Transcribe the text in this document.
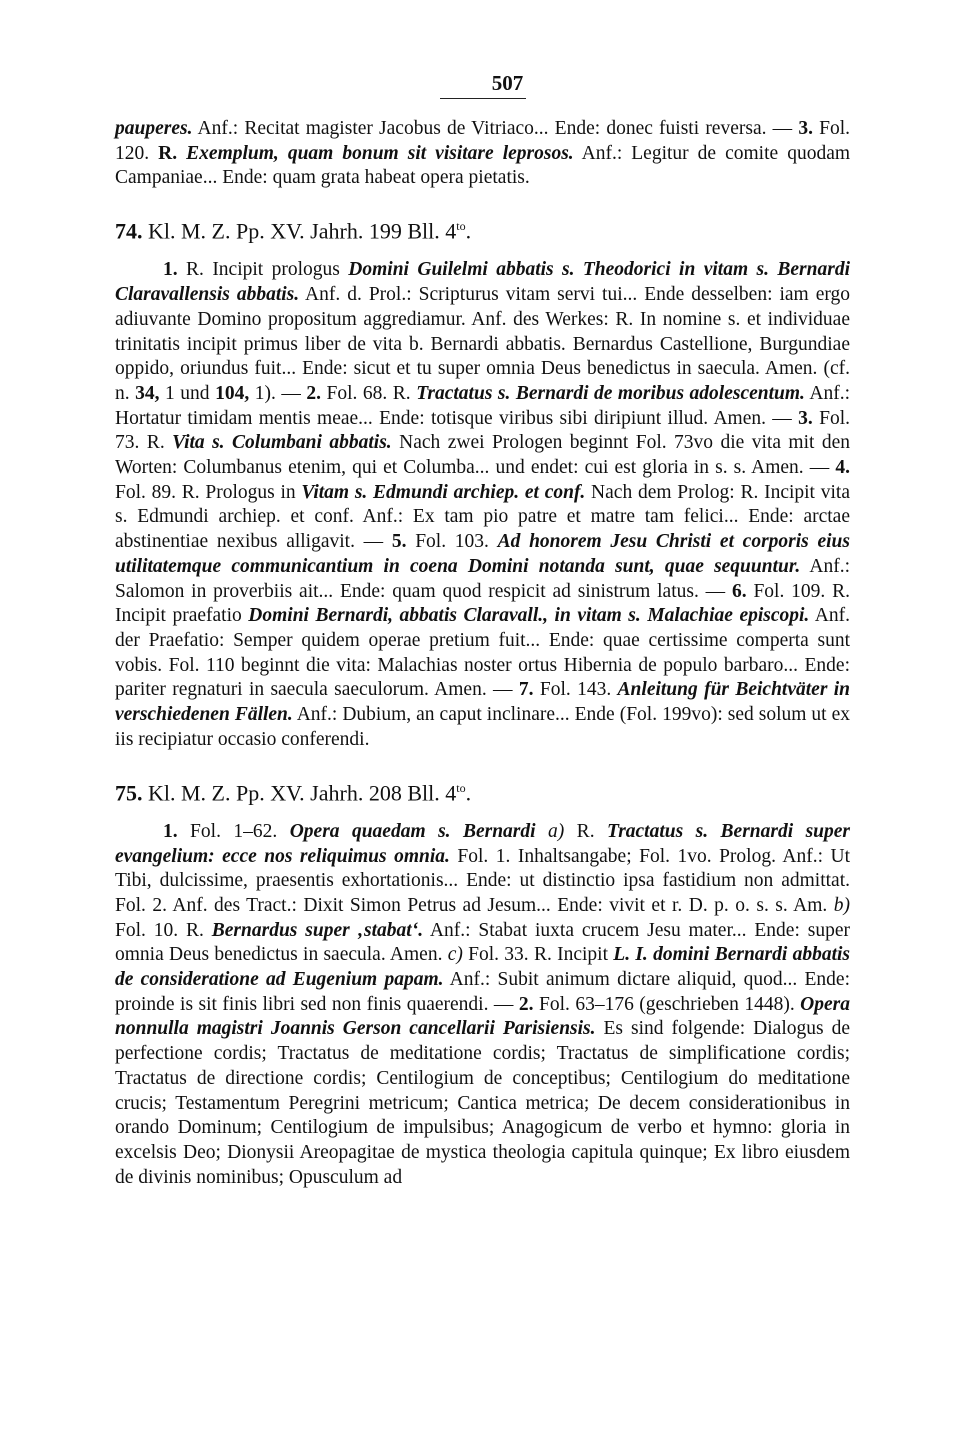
507

pauperes. Anf.: Recitat magister Jacobus de Vitriaco... Ende: donec fuisti reversa. — 3. Fol. 120. R. Exemplum, quam bonum sit visitare leprosos. Anf.: Legitur de comite quodam Campaniae... Ende: quam grata habeat opera pietatis.

74. Kl. M. Z. Pp. XV. Jahrh. 199 Bll. $4^{to}$.

1. R. Incipit prologus Domini Guilelmi abbatis s. Theodorici in vitam s. Bernardi Claravallensis abbatis. Anf. d. Prol.: Scripturus vitam servi tui... Ende desselben: iam ergo adiuvante Domino propositum aggrediamur. Anf. des Werkes: R. In nomine s. et individuae trinitatis incipit primus liber de vita b. Bernardi abbatis. Bernardus Castellione, Burgundiae oppido, oriundus fuit... Ende: sicut et tu super omnia Deus benedictus in saecula. Amen. (cf. n. 34, 1 und 104, 1). — 2. Fol. 68. R. Tractatus s. Bernardi de moribus adolescentum. Anf.: Hortatur timidam mentis meae... Ende: totisque viribus sibi diripiunt illud. Amen. — 3. Fol. 73. R. Vita s. Columbani abbatis. Nach zwei Prologen beginnt Fol. 73vo die vita mit den Worten: Columbanus etenim, qui et Columba... und endet: cui est gloria in s. s. Amen. — 4. Fol. 89. R. Prologus in Vitam s. Edmundi archiep. et conf. Nach dem Prolog: R. Incipit vita s. Edmundi archiep. et conf. Anf.: Ex tam pio patre et matre tam felici... Ende: arctae abstinentiae nexibus alligavit. — 5. Fol. 103. Ad honorem Jesu Christi et corporis eius utilitatemque communicantium in coena Domini notanda sunt, quae sequuntur. Anf.: Salomon in proverbiis ait... Ende: quam quod respicit ad sinistrum latus. — 6. Fol. 109. R. Incipit praefatio Domini Bernardi, abbatis Claravall., in vitam s. Malachiae episcopi. Anf. der Praefatio: Semper quidem operae pretium fuit... Ende: quae certissime comperta sunt vobis. Fol. 110 beginnt die vita: Malachias noster ortus Hibernia de populo barbaro... Ende: pariter regnaturi in saecula saeculorum. Amen. — 7. Fol. 143. Anleitung für Beichtväter in verschiedenen Fällen. Anf.: Dubium, an caput inclinare... Ende (Fol. 199vo): sed solum ut ex iis recipiatur occasio conferendi.

75. Kl. M. Z. Pp. XV. Jahrh. 208 Bll. $4^{to}$.

1. Fol. 1–62. Opera quaedam s. Bernardi a) R. Tractatus s. Bernardi super evangelium: ecce nos reliquimus omnia. Fol. 1. Inhaltsangabe; Fol. 1vo. Prolog. Anf.: Ut Tibi, dulcissime, praesentis exhortationis... Ende: ut distinctio ipsa fastidium non admittat. Fol. 2. Anf. des Tract.: Dixit Simon Petrus ad Jesum... Ende: vivit et r. D. p. o. s. s. Am. b) Fol. 10. R. Bernardus super ‚stabat‘. Anf.: Stabat iuxta crucem Jesu mater... Ende: super omnia Deus benedictus in saecula. Amen. c) Fol. 33. R. Incipit L. I. domini Bernardi abbatis de consideratione ad Eugenium papam. Anf.: Subit animum dictare aliquid, quod... Ende: proinde is sit finis libri sed non finis quaerendi. — 2. Fol. 63–176 (geschrieben 1448). Opera nonnulla magistri Joannis Gerson cancellarii Parisiensis. Es sind folgende: Dialogus de perfectione cordis; Tractatus de meditatione cordis; Tractatus de simplificatione cordis; Tractatus de directione cordis; Centilogium de conceptibus; Centilogium do meditatione crucis; Testamentum Peregrini metricum; Cantica metrica; De decem considerationibus in orando Dominum; Centilogium de impulsibus; Anagogicum de verbo et hymno: gloria in excelsis Deo; Dionysii Areopagitae de mystica theologia capitula quinque; Ex libro eiusdem de divinis nominibus; Opusculum ad
